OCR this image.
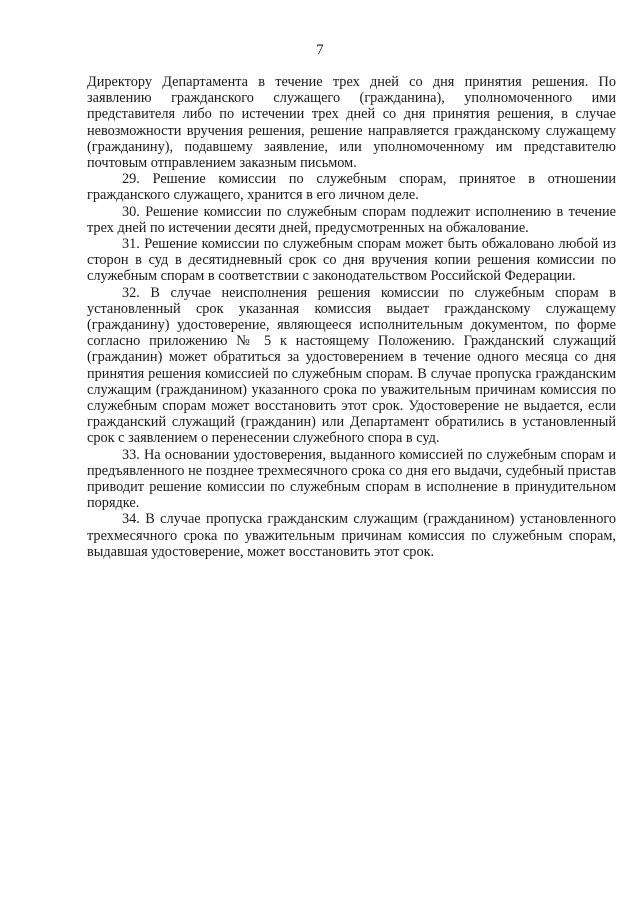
7

Директору Департамента в течение трех дней со дня принятия решения. По заявлению гражданского служащего (гражданина), уполномоченного ими представителя либо по истечении трех дней со дня принятия решения, в случае невозможности вручения решения, решение направляется гражданскому служащему (гражданину), подавшему заявление, или уполномоченному им представителю почтовым отправлением заказным письмом.

29. Решение комиссии по служебным спорам, принятое в отношении гражданского служащего, хранится в его личном деле.

30. Решение комиссии по служебным спорам подлежит исполнению в течение трех дней по истечении десяти дней, предусмотренных на обжалование.

31. Решение комиссии по служебным спорам может быть обжаловано любой из сторон в суд в десятидневный срок со дня вручения копии решения комиссии по служебным спорам в соответствии с законодательством Российской Федерации.

32. В случае неисполнения решения комиссии по служебным спорам в установленный срок указанная комиссия выдает гражданскому служащему (гражданину) удостоверение, являющееся исполнительным документом, по форме согласно приложению № 5 к настоящему Положению. Гражданский служащий (гражданин) может обратиться за удостоверением в течение одного месяца со дня принятия решения комиссией по служебным спорам. В случае пропуска гражданским служащим (гражданином) указанного срока по уважительным причинам комиссия по служебным спорам может восстановить этот срок. Удостоверение не выдается, если гражданский служащий (гражданин) или Департамент обратились в установленный срок с заявлением о перенесении служебного спора в суд.

33. На основании удостоверения, выданного комиссией по служебным спорам и предъявленного не позднее трехмесячного срока со дня его выдачи, судебный пристав приводит решение комиссии по служебным спорам в исполнение в принудительном порядке.

34. В случае пропуска гражданским служащим (гражданином) установленного трехмесячного срока по уважительным причинам комиссия по служебным спорам, выдавшая удостоверение, может восстановить этот срок.
